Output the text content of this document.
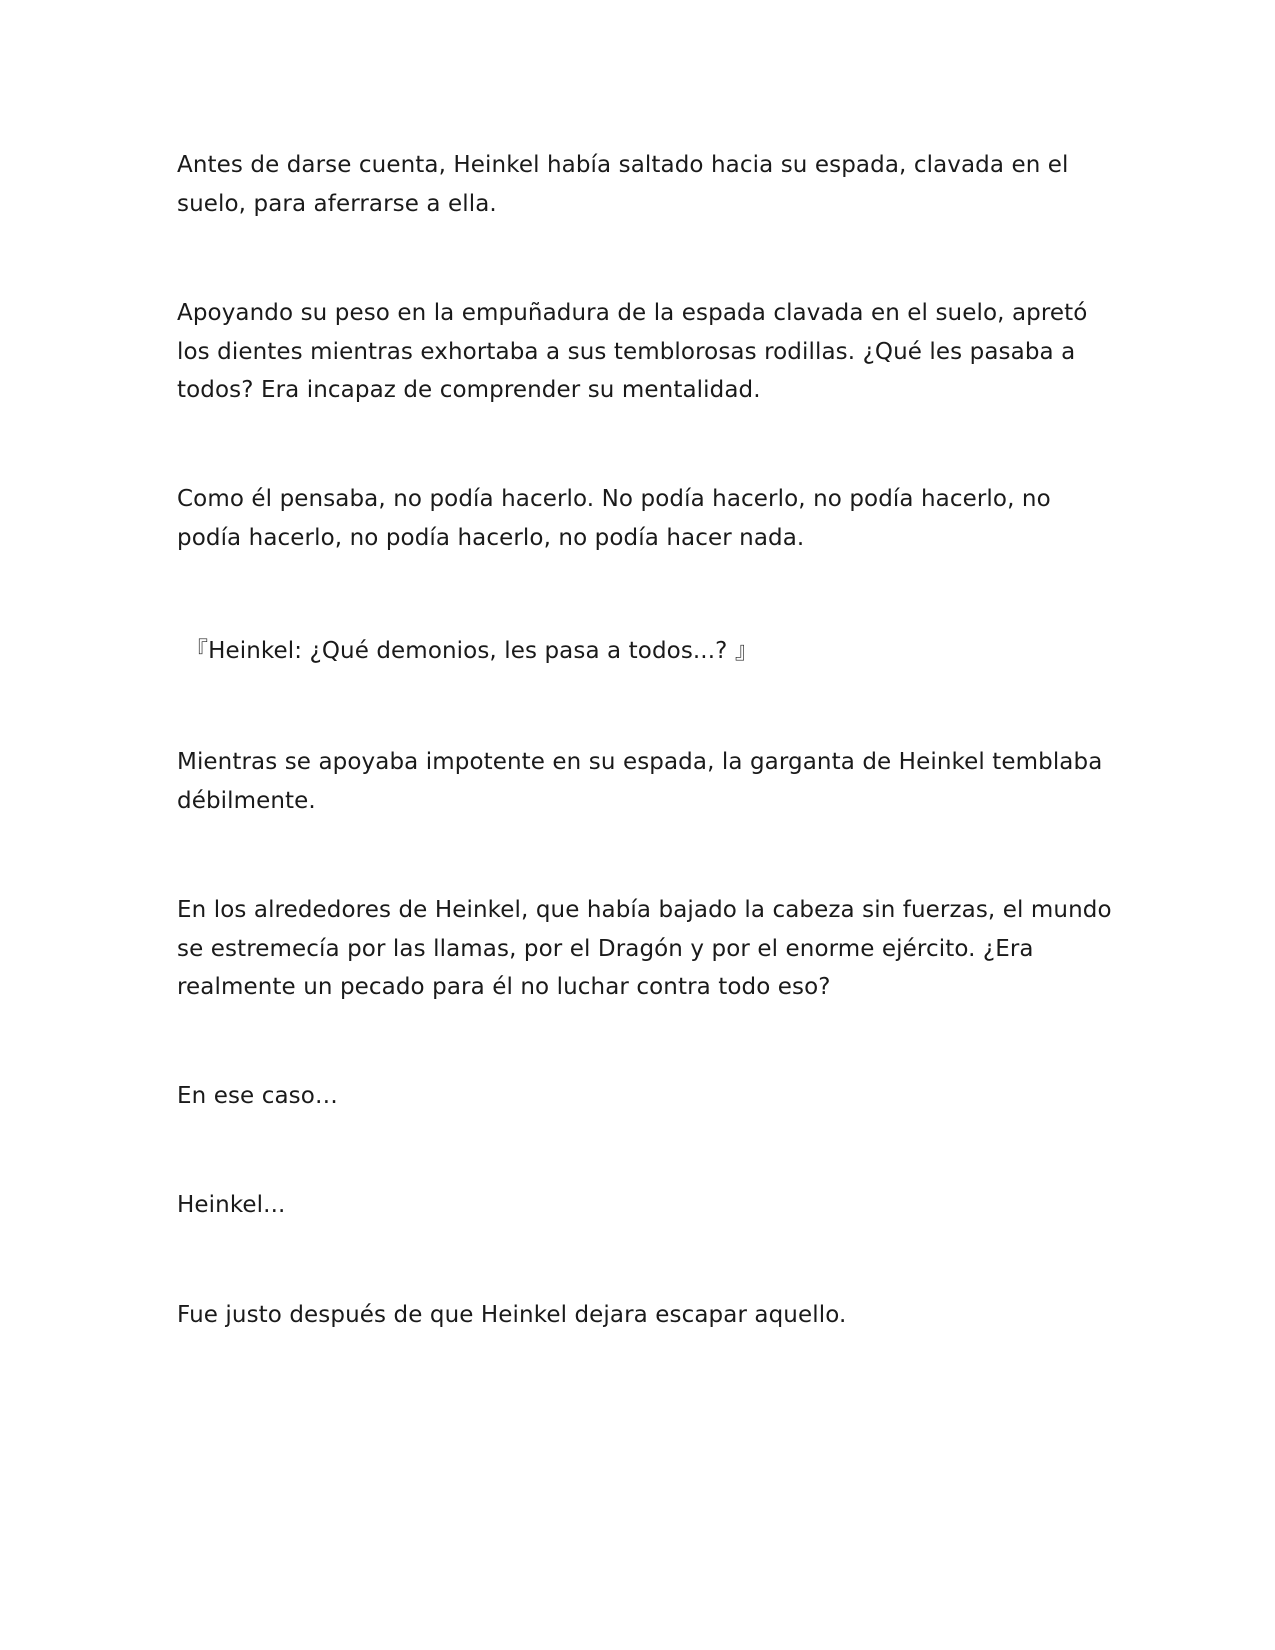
Antes de darse cuenta, Heinkel había saltado hacia su espada, clavada en el suelo, para aferrarse a ella.

Apoyando su peso en la empuñadura de la espada clavada en el suelo, apretó los dientes mientras exhortaba a sus temblorosas rodillas. ¿Qué les pasaba a todos? Era incapaz de comprender su mentalidad.

Como él pensaba, no podía hacerlo. No podía hacerlo, no podía hacerlo, no podía hacerlo, no podía hacerlo, no podía hacer nada.

『Heinkel: ¿Qué demonios, les pasa a todos...? 』

Mientras se apoyaba impotente en su espada, la garganta de Heinkel temblaba débilmente.

En los alrededores de Heinkel, que había bajado la cabeza sin fuerzas, el mundo se estremecía por las llamas, por el Dragón y por el enorme ejército. ¿Era realmente un pecado para él no luchar contra todo eso?

En ese caso…

Heinkel...

Fue justo después de que Heinkel dejara escapar aquello.
